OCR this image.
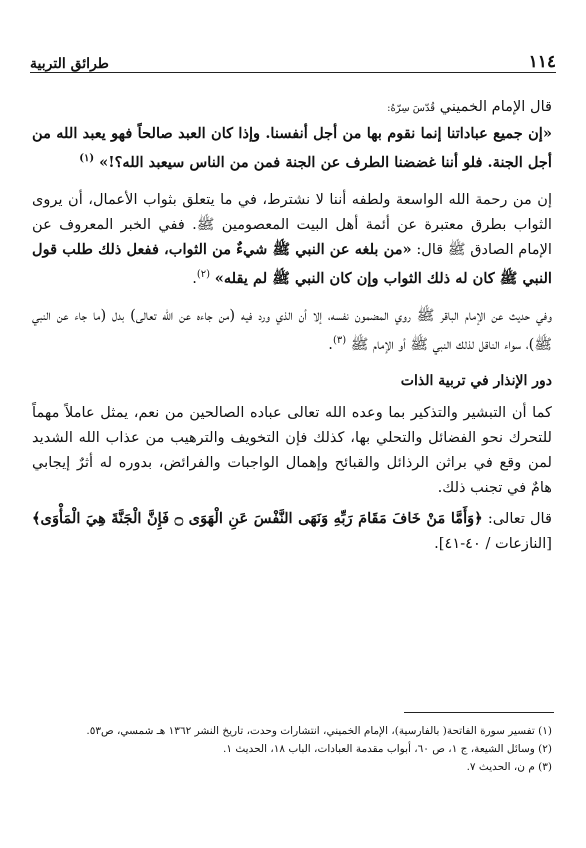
١١٤
طرائق التربية

قال الإمام الخميني قُدّسَ سِرّهُ:

«إن جميع عباداتنا إنما نقوم بها من أجل أنفسنا. وإذا كان العبد صالحاً فهو يعبد الله من أجل الجنة. فلو أننا غضضنا الطرف عن الجنة فمن من الناس سيعبد الله؟!» $^{(١)}$

إن من رحمة الله الواسعة ولطفه أننا لا نشترط، في ما يتعلق بثواب الأعمال، أن يروى الثواب بطرق معتبرة عن أئمة أهل البيت المعصومين ﷺ. ففي الخبر المعروف عن الإمام الصادق ﷺ قال: «من بلغه عن النبي ﷺ شيءٌ من الثواب، ففعل ذلك طلب قول النبي ﷺ كان له ذلك الثواب وإن كان النبي ﷺ لم يقله» $^{(٢)}$.

وفي حديث عن الإمام الباقر ﷺ روي المضمون نفسه، إلا أن الذي ورد فيه (من جاءه عن الله تعالى) بدل (ما جاء عن النبي ﷺ)، سواء الناقل لذلك النبي ﷺ أو الإمام ﷺ $^{(٣)}$.

دور الإنذار في تربية الذات

كما أن التبشير والتذكير بما وعده الله تعالى عباده الصالحين من نعم، يمثل عاملاً مهماً للتحرك نحو الفضائل والتحلي بها، كذلك فإن التخويف والترهيب من عذاب الله الشديد لمن وقع في براثن الرذائل والقبائح وإهمال الواجبات والفرائض، بدوره له أثرٌ إيجابي هامٌ في تجنب ذلك.

قال تعالى: ﴿وَأَمَّا مَنْ خَافَ مَقَامَ رَبِّهِ وَنَهَى النَّفْسَ عَنِ الْهَوَى ۝ فَإِنَّ الْجَنَّةَ هِيَ الْمَأْوَى﴾ [النازعات / ٤٠-٤١].

(١) تفسير سورة الفاتحة( بالفارسية)، الإمام الخميني، انتشارات وحدت، تاريخ النشر ١٣٦٢ هـ شمسي، ص٥٣.
(٢) وسائل الشيعة، ج ١، ص ٦٠، أبواب مقدمة العبادات، الباب ١٨، الحديث ١.
(٣) م ن، الحديث ٧.
